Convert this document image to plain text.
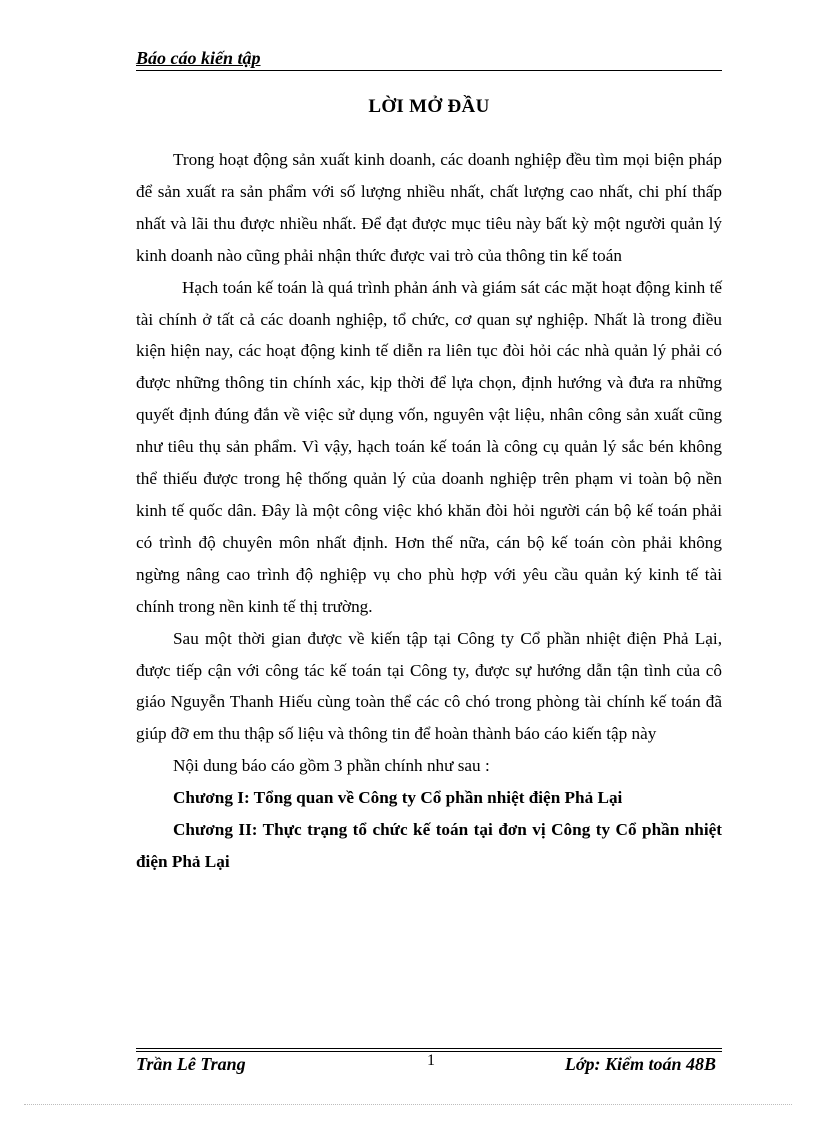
Báo cáo kiến tập
LỜI MỞ ĐẦU

Trong hoạt động sản xuất kinh doanh, các doanh nghiệp đều tìm mọi biện pháp để sản xuất ra sản phẩm với số lượng nhiều nhất, chất lượng cao nhất, chi phí thấp nhất và lãi thu được nhiều nhất. Để đạt được mục tiêu này bất kỳ một người quản lý kinh doanh nào cũng phải nhận thức được vai trò của thông tin kế toán

Hạch toán kế toán là quá trình phản ánh và giám sát các mặt hoạt động kinh tế tài chính ở tất cả các doanh nghiệp, tổ chức, cơ quan sự nghiệp. Nhất là trong điều kiện hiện nay, các hoạt động kinh tế diễn ra liên tục đòi hỏi các nhà quản lý phải có được những thông tin chính xác, kịp thời để lựa chọn, định hướng và đưa ra những quyết định đúng đắn về việc sử dụng vốn, nguyên vật liệu, nhân công sản xuất cũng như tiêu thụ sản phẩm. Vì vậy, hạch toán kế toán là công cụ quản lý sắc bén không thể thiếu được trong hệ thống quản lý của doanh nghiệp trên phạm vi toàn bộ nền kinh tế quốc dân. Đây là một công việc khó khăn đòi hỏi người cán bộ kế toán phải có trình độ chuyên môn nhất định. Hơn thế nữa, cán bộ kế toán còn phải không ngừng nâng cao trình độ nghiệp vụ cho phù hợp với yêu cầu quản ký kinh tế tài chính trong nền kinh tế thị trường.

Sau một thời gian được về kiến tập tại Công ty Cổ phần nhiệt điện Phả Lại, được tiếp cận với công tác kế toán tại Công ty, được sự hướng dẫn tận tình của cô giáo Nguyễn Thanh Hiếu cùng toàn thể các cô chó trong phòng tài chính kế toán đã giúp đỡ em thu thập số liệu và thông tin để hoàn thành báo cáo kiến tập này

Nội dung báo cáo gồm 3 phần chính như sau :

Chương I: Tổng quan về Công ty Cổ phần nhiệt điện Phả Lại

Chương II: Thực trạng tổ chức kế toán tại đơn vị Công ty Cổ phần nhiệt điện Phả Lại

Trần Lê Trang	1	Lớp: Kiểm toán 48B
